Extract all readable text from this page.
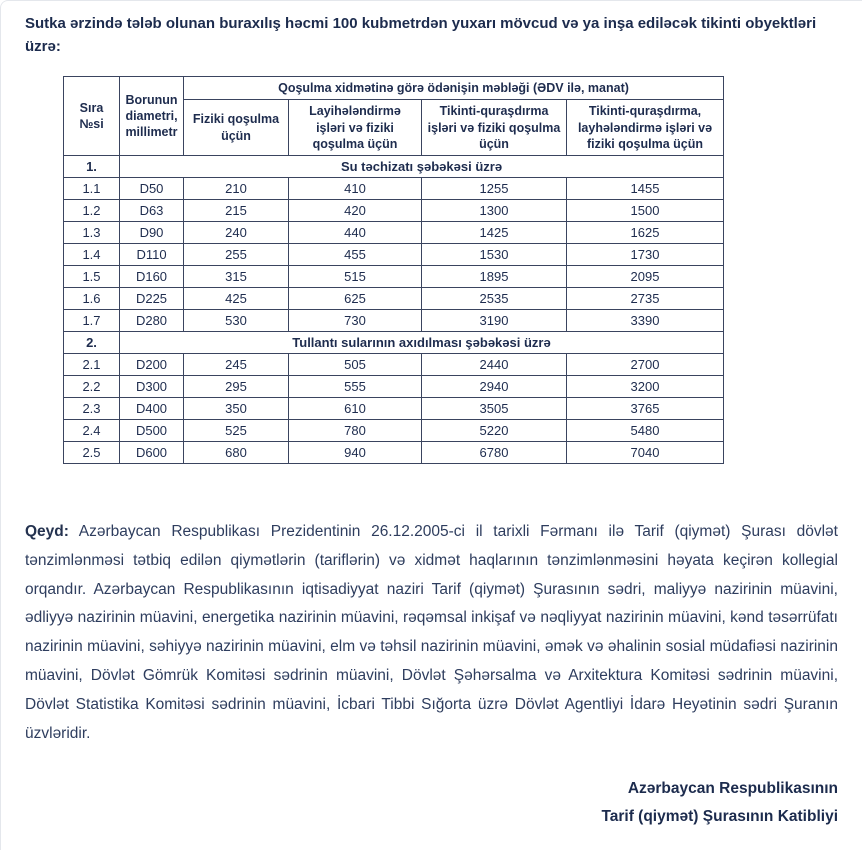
Sutka ərzində tələb olunan buraxılış həcmi 100 kubmetrdən yuxarı mövcud və ya inşa ediləcək tikinti obyektləri üzrə:

Sıra №si	Borunun diametri, millimetr	Qoşulma xidmətinə görə ödənişin məbləği (ƏDV ilə, manat)			
		Fiziki qoşulma üçün	Layihələndirmə işləri və fiziki qoşulma üçün	Tikinti-quraşdırma işləri və fiziki qoşulma üçün	Tikinti-quraşdırma, layhələndirmə işləri və fiziki qoşulma üçün
1.	Su təchizatı şəbəkəsi üzrə				
1.1	D50	210	410	1255	1455
1.2	D63	215	420	1300	1500
1.3	D90	240	440	1425	1625
1.4	D110	255	455	1530	1730
1.5	D160	315	515	1895	2095
1.6	D225	425	625	2535	2735
1.7	D280	530	730	3190	3390
2.	Tullantı sularının axıdılması şəbəkəsi üzrə				
2.1	D200	245	505	2440	2700
2.2	D300	295	555	2940	3200
2.3	D400	350	610	3505	3765
2.4	D500	525	780	5220	5480
2.5	D600	680	940	6780	7040

Qeyd: Azərbaycan Respublikası Prezidentinin 26.12.2005-ci il tarixli Fərmanı ilə Tarif (qiymət) Şurası dövlət tənzimlənməsi tətbiq edilən qiymətlərin (tariflərin) və xidmət haqlarının tənzimlənməsini həyata keçirən kollegial orqandır. Azərbaycan Respublikasının iqtisadiyyat naziri Tarif (qiymət) Şurasının sədri, maliyyə nazirinin müavini, ədliyyə nazirinin müavini, energetika nazirinin müavini, rəqəmsal inkişaf və nəqliyyat nazirinin müavini, kənd təsərrüfatı nazirinin müavini, səhiyyə nazirinin müavini, elm və təhsil nazirinin müavini, əmək və əhalinin sosial müdafiəsi nazirinin müavini, Dövlət Gömrük Komitəsi sədrinin müavini, Dövlət Şəhərsalma və Arxitektura Komitəsi sədrinin müavini, Dövlət Statistika Komitəsi sədrinin müavini, İcbari Tibbi Sığorta üzrə Dövlət Agentliyi İdarə Heyətinin sədri Şuranın üzvləridir.

Azərbaycan Respublikasının
Tarif (qiymət) Şurasının Katibliyi
